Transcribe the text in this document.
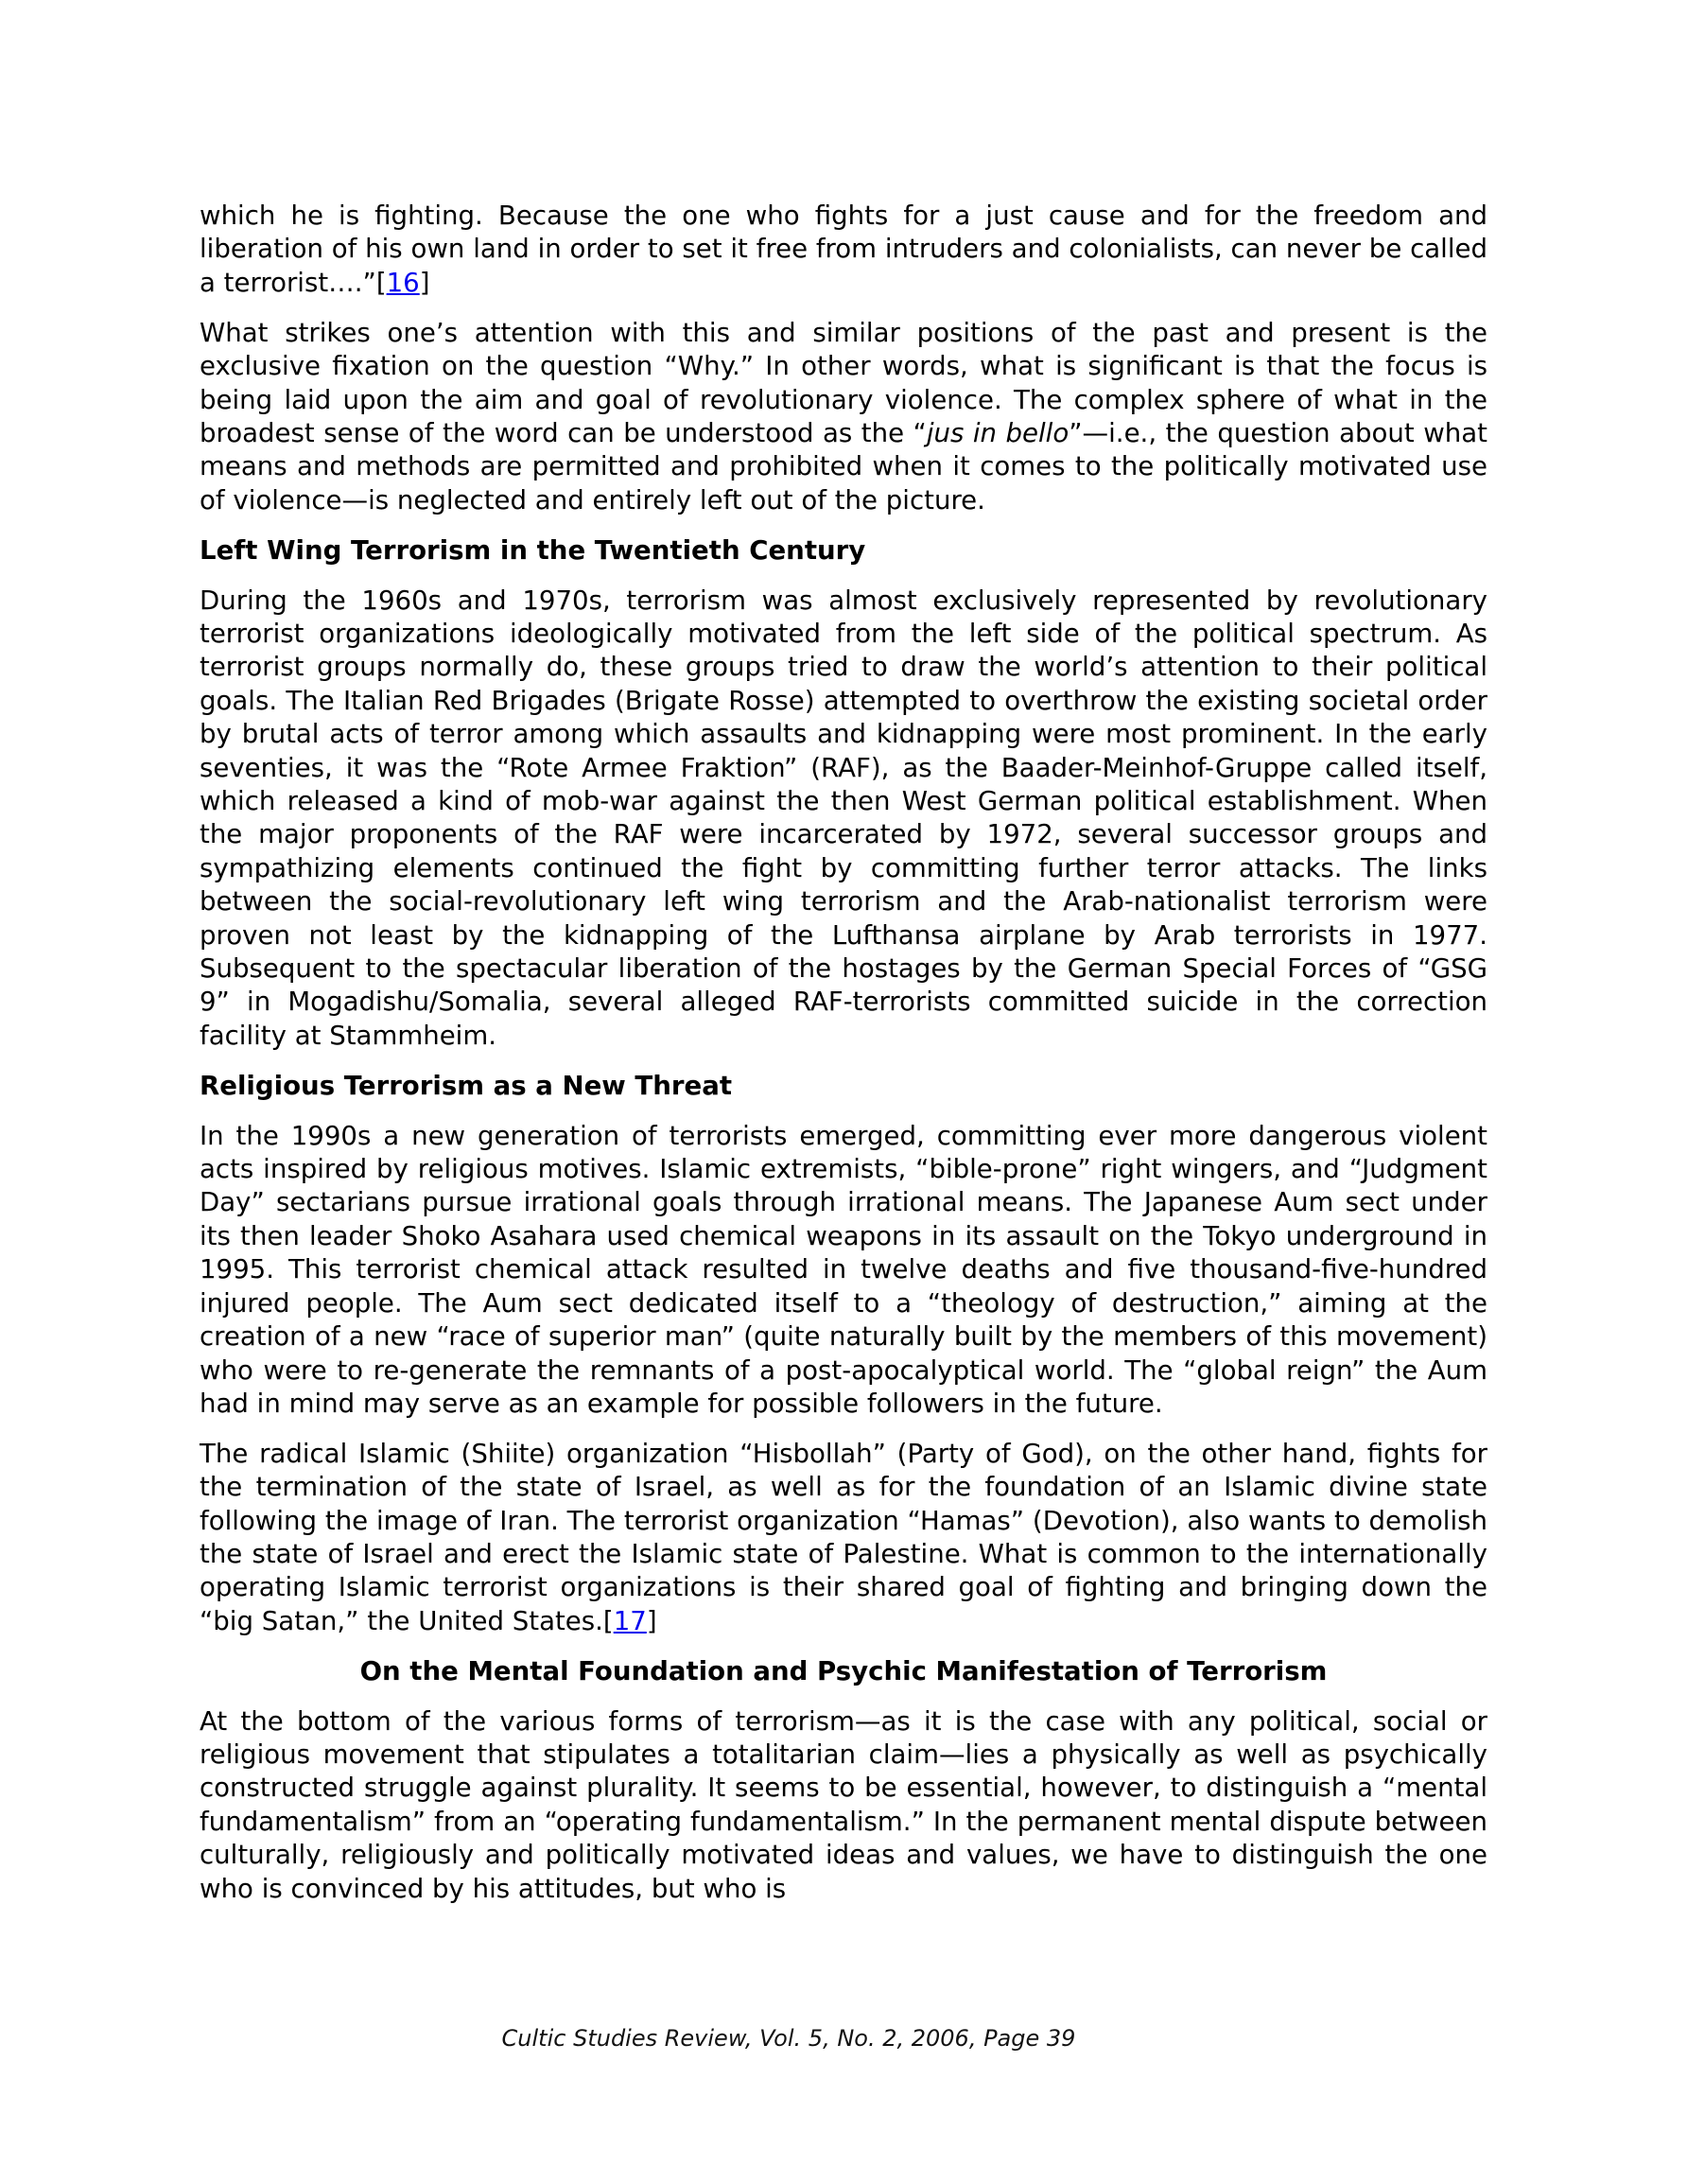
which he is fighting. Because the one who fights for a just cause and for the freedom and liberation of his own land in order to set it free from intruders and colonialists, can never be called a terrorist….”[16]

What strikes one’s attention with this and similar positions of the past and present is the exclusive fixation on the question “Why.” In other words, what is significant is that the focus is being laid upon the aim and goal of revolutionary violence. The complex sphere of what in the broadest sense of the word can be understood as the “jus in bello”—i.e., the question about what means and methods are permitted and prohibited when it comes to the politically motivated use of violence—is neglected and entirely left out of the picture.

Left Wing Terrorism in the Twentieth Century

During the 1960s and 1970s, terrorism was almost exclusively represented by revolutionary terrorist organizations ideologically motivated from the left side of the political spectrum. As terrorist groups normally do, these groups tried to draw the world’s attention to their political goals. The Italian Red Brigades (Brigate Rosse) attempted to overthrow the existing societal order by brutal acts of terror among which assaults and kidnapping were most prominent. In the early seventies, it was the “Rote Armee Fraktion” (RAF), as the Baader-Meinhof-Gruppe called itself, which released a kind of mob-war against the then West German political establishment. When the major proponents of the RAF were incarcerated by 1972, several successor groups and sympathizing elements continued the fight by committing further terror attacks. The links between the social-revolutionary left wing terrorism and the Arab-nationalist terrorism were proven not least by the kidnapping of the Lufthansa airplane by Arab terrorists in 1977. Subsequent to the spectacular liberation of the hostages by the German Special Forces of “GSG 9” in Mogadishu/Somalia, several alleged RAF-terrorists committed suicide in the correction facility at Stammheim.

Religious Terrorism as a New Threat

In the 1990s a new generation of terrorists emerged, committing ever more dangerous violent acts inspired by religious motives. Islamic extremists, “bible-prone” right wingers, and “Judgment Day” sectarians pursue irrational goals through irrational means. The Japanese Aum sect under its then leader Shoko Asahara used chemical weapons in its assault on the Tokyo underground in 1995. This terrorist chemical attack resulted in twelve deaths and five thousand-five-hundred injured people. The Aum sect dedicated itself to a “theology of destruction,” aiming at the creation of a new “race of superior man” (quite naturally built by the members of this movement) who were to re-generate the remnants of a post-apocalyptical world. The “global reign” the Aum had in mind may serve as an example for possible followers in the future.

The radical Islamic (Shiite) organization “Hisbollah” (Party of God), on the other hand, fights for the termination of the state of Israel, as well as for the foundation of an Islamic divine state following the image of Iran. The terrorist organization “Hamas” (Devotion), also wants to demolish the state of Israel and erect the Islamic state of Palestine. What is common to the internationally operating Islamic terrorist organizations is their shared goal of fighting and bringing down the “big Satan,” the United States.[17]

On the Mental Foundation and Psychic Manifestation of Terrorism

At the bottom of the various forms of terrorism—as it is the case with any political, social or religious movement that stipulates a totalitarian claim—lies a physically as well as psychically constructed struggle against plurality. It seems to be essential, however, to distinguish a “mental fundamentalism” from an “operating fundamentalism.” In the permanent mental dispute between culturally, religiously and politically motivated ideas and values, we have to distinguish the one who is convinced by his attitudes, but who is

Cultic Studies Review, Vol. 5, No. 2, 2006, Page 39
